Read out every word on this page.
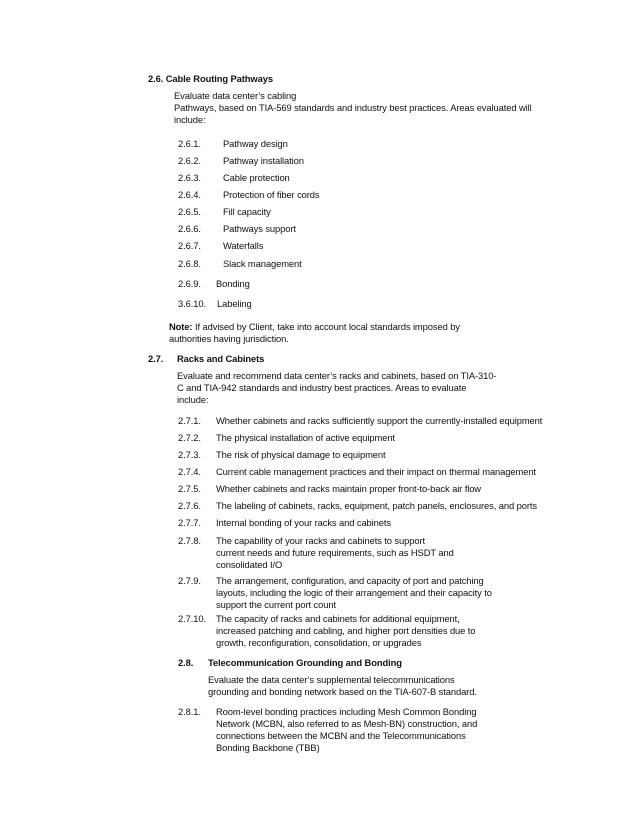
2.6. Cable Routing Pathways
Evaluate data center’s cabling
Pathways, based on TIA-569 standards and industry best practices. Areas evaluated will
include:
2.6.1. Pathway design
2.6.2. Pathway installation
2.6.3. Cable protection
2.6.4. Protection of fiber cords
2.6.5. Fill capacity
2.6.6. Pathways support
2.6.7. Waterfalls
2.6.8. Slack management
2.6.9. Bonding
3.6.10. Labeling
Note: If advised by Client, take into account local standards imposed by
authorities having jurisdiction.
2.7. Racks and Cabinets
Evaluate and recommend data center’s racks and cabinets, based on TIA-310-
C and TIA-942 standards and industry best practices. Areas to evaluate
include:
2.7.1. Whether cabinets and racks sufficiently support the currently-installed equipment
2.7.2. The physical installation of active equipment
2.7.3. The risk of physical damage to equipment
2.7.4. Current cable management practices and their impact on thermal management
2.7.5. Whether cabinets and racks maintain proper front-to-back air flow
2.7.6. The labeling of cabinets, racks, equipment, patch panels, enclosures, and ports
2.7.7. Internal bonding of your racks and cabinets
2.7.8. The capability of your racks and cabinets to support
current needs and future requirements, such as HSDT and
consolidated I/O
2.7.9. The arrangement, configuration, and capacity of port and patching
layouts, including the logic of their arrangement and their capacity to
support the current port count
2.7.10. The capacity of racks and cabinets for additional equipment,
increased patching and cabling, and higher port densities due to
growth, reconfiguration, consolidation, or upgrades
2.8. Telecommunication Grounding and Bonding
Evaluate the data center’s supplemental telecommunications
grounding and bonding network based on the TIA-607-B standard.
2.8.1. Room-level bonding practices including Mesh Common Bonding
Network (MCBN, also referred to as Mesh-BN) construction, and
connections between the MCBN and the Telecommunications
Bonding Backbone (TBB)
